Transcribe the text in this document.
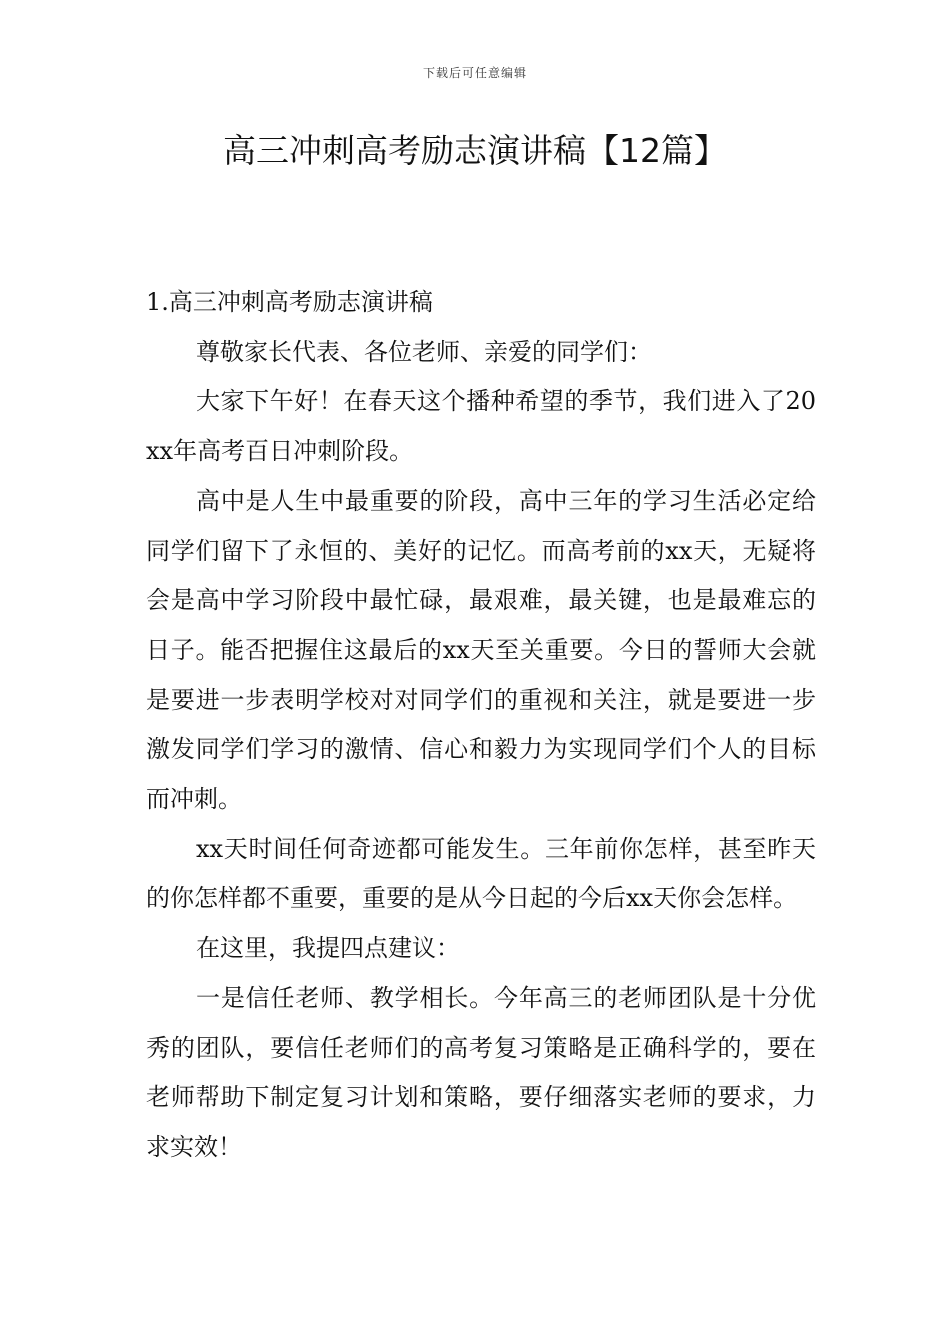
下载后可任意编辑
高三冲刺高考励志演讲稿【12篇】

1.高三冲刺高考励志演讲稿

尊敬家长代表、各位老师、亲爱的同学们：

大家下午好！在春天这个播种希望的季节，我们进入了20xx年高考百日冲刺阶段。

高中是人生中最重要的阶段，高中三年的学习生活必定给同学们留下了永恒的、美好的记忆。而高考前的xx天，无疑将会是高中学习阶段中最忙碌，最艰难，最关键，也是最难忘的日子。能否把握住这最后的xx天至关重要。今日的誓师大会就是要进一步表明学校对对同学们的重视和关注，就是要进一步激发同学们学习的激情、信心和毅力为实现同学们个人的目标而冲刺。

xx天时间任何奇迹都可能发生。三年前你怎样，甚至昨天的你怎样都不重要，重要的是从今日起的今后xx天你会怎样。

在这里，我提四点建议：

一是信任老师、教学相长。今年高三的老师团队是十分优秀的团队，要信任老师们的高考复习策略是正确科学的，要在老师帮助下制定复习计划和策略，要仔细落实老师的要求，力求实效！
